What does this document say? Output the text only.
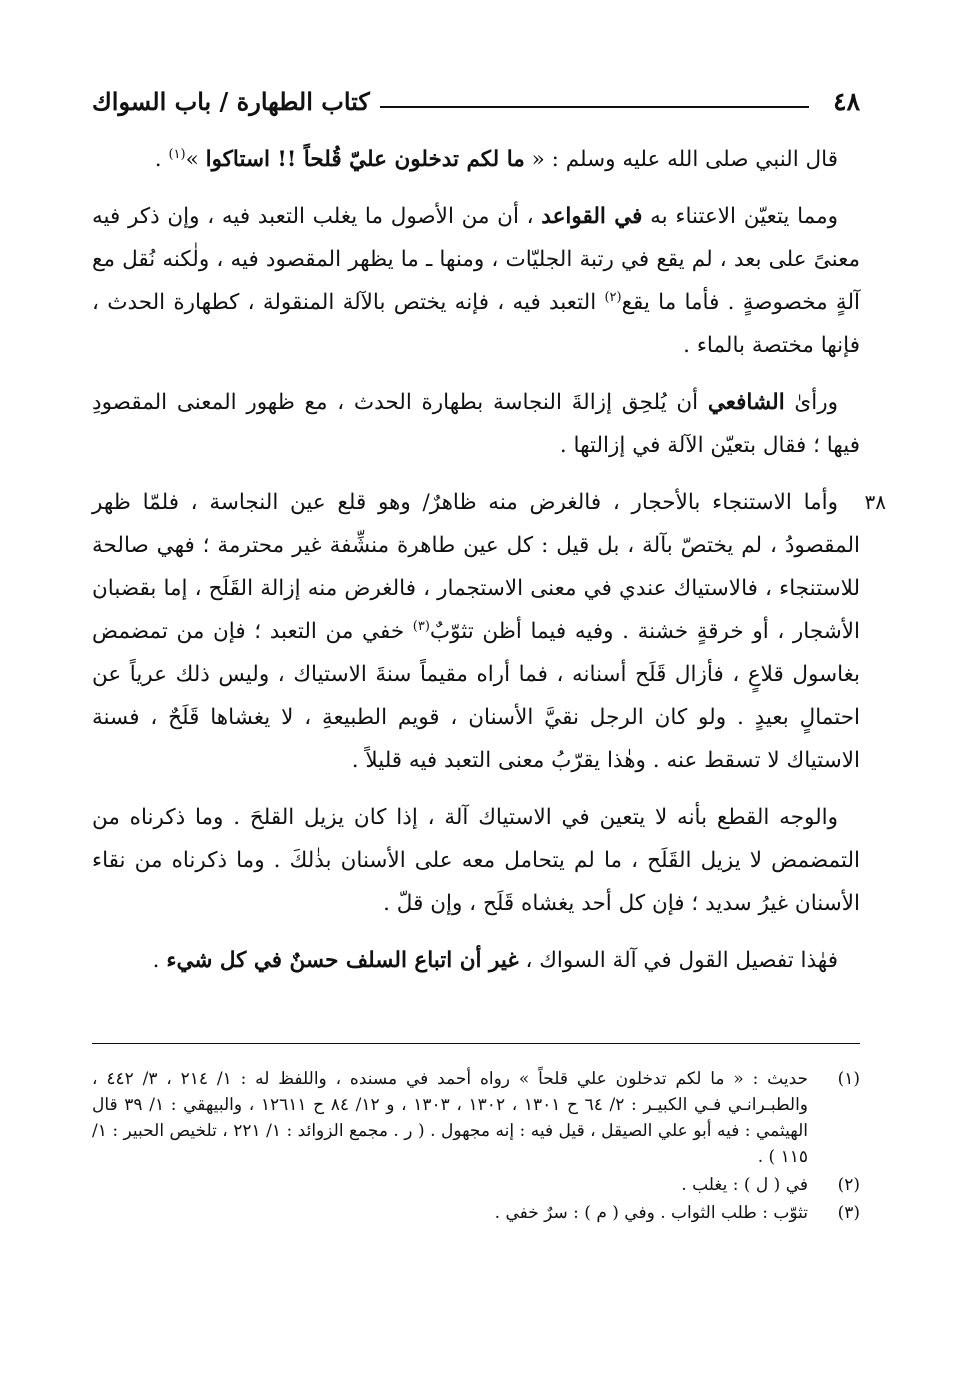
٤٨
كتاب الطهارة / باب السواك

قال النبي صلى الله عليه وسلم : « ما لكم تدخلون عليّ قُلحاً !! استاكوا »$^{(١)}$ .

ومما يتعيّن الاعتناء به في القواعد ، أن من الأصول ما يغلب التعبد فيه ، وإن ذكر فيه معنىً على بعد ، لم يقع في رتبة الجليّات ، ومنها ـ ما يظهر المقصود فيه ، ولٰكنه نُقل مع آلةٍ مخصوصةٍ . فأما ما يقع$^{(٢)}$ التعبد فيه ، فإنه يختص بالآلة المنقولة ، كطهارة الحدث ، فإنها مختصة بالماء .

ورأىٰ الشافعي أن يُلحِق إزالةَ النجاسة بطهارة الحدث ، مع ظهور المعنى المقصودِ فيها ؛ فقال بتعيّن الآلة في إزالتها .

٣٨
وأما الاستنجاء بالأحجار ، فالغرض منه ظاهرٌ/ وهو قلع عين النجاسة ، فلمّا ظهر المقصودُ ، لم يختصّ بآلة ، بل قيل : كل عين طاهرة منشِّفة غير محترمة ؛ فهي صالحة للاستنجاء ، فالاستياك عندي في معنى الاستجمار ، فالغرض منه إزالة القَلَح ، إما بقضبان الأشجار ، أو خرقةٍ خشنة . وفيه فيما أظن تثوّبٌ$^{(٣)}$ خفي من التعبد ؛ فإن من تمضمض بغاسول قلاعٍ ، فأزال قَلَح أسنانه ، فما أراه مقيماً سنةَ الاستياك ، وليس ذلك عرياً عن احتمالٍ بعيدٍ . ولو كان الرجل نقيَّ الأسنان ، قويم الطبيعةِ ، لا يغشاها قَلَحٌ ، فسنة الاستياك لا تسقط عنه . وهٰذا يقرّبُ معنى التعبد فيه قليلاً .

والوجه القطع بأنه لا يتعين في الاستياك آلة ، إذا كان يزيل القلحَ . وما ذكرناه من التمضمض لا يزيل القَلَح ، ما لم يتحامل معه على الأسنان بذٰلكَ . وما ذكرناه من نقاء الأسنان غيرُ سديد ؛ فإن كل أحد يغشاه قَلَح ، وإن قلّ .

فهٰذا تفصيل القول في آلة السواك ، غير أن اتباع السلف حسنٌ في كل شيء .

(١)
حديث : « ما لكم تدخلون علي قلحاً » رواه أحمد في مسنده ، واللفظ له : ١/ ٢١٤ ، ٣/ ٤٤٢ ، والطبـرانـي فـي الكبيـر : ٢/ ٦٤ ح ١٣٠١ ، ١٣٠٢ ، ١٣٠٣ ، و ١٢/ ٨٤ ح ١٢٦١١ ، والبيهقي : ١/ ٣٩ قال الهيثمي : فيه أبو علي الصيقل ، قيل فيه : إنه مجهول . ( ر . مجمع الزوائد : ١/ ٢٢١ ، تلخيص الحبير : ١/ ١١٥ ) .
(٢)
في ( ل ) : يغلب .
(٣)
تثوّب : طلب الثواب . وفي ( م ) : سرٌ خفي .
